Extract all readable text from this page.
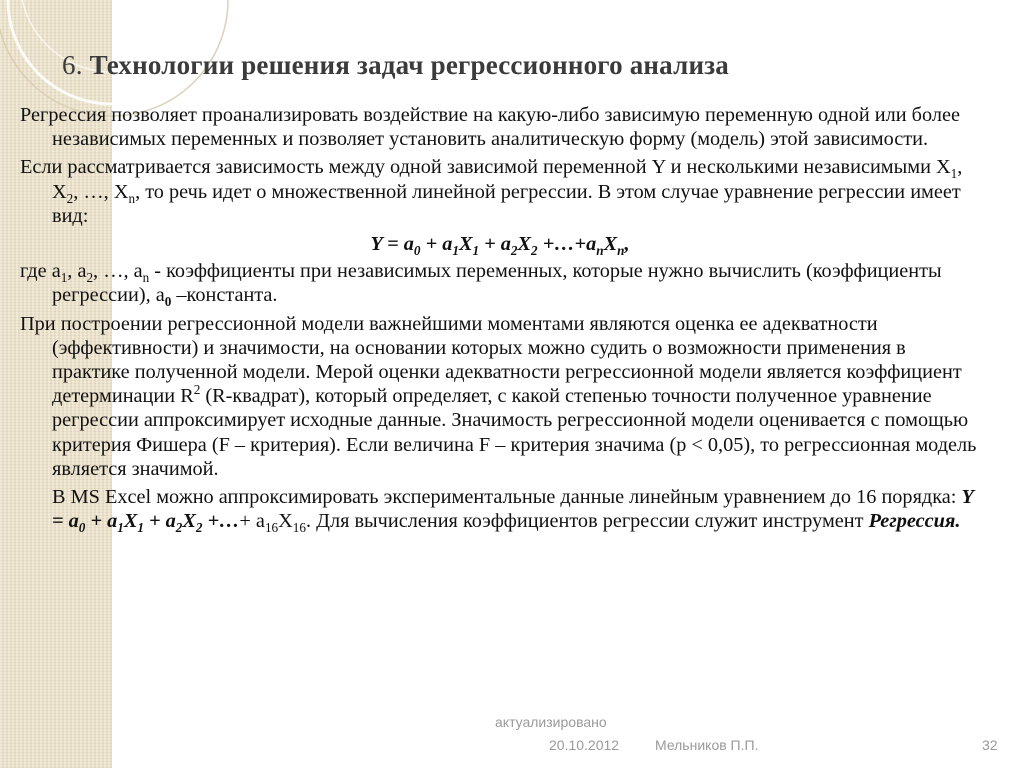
6. Технологии решения задач регрессионного анализа

Регрессия позволяет проанализировать воздействие на какую-либо зависимую переменную одной или более независимых переменных и позволяет установить аналитическую форму (модель) этой зависимости.

Если рассматривается зависимость между одной зависимой переменной Y и несколькими независимыми $X_1$, $X_2$, …, $X_n$, то речь идет о множественной линейной регрессии. В этом случае уравнение регрессии имеет вид:

$Y = a_0 + a_1X_1 + a_2X_2$ $+\dots+a_nX_n$,

где $a_1$, $a_2$, …, $a_n$ - коэффициенты при независимых переменных, которые нужно вычислить (коэффициенты регрессии), $a_0$ –константа.

При построении регрессионной модели важнейшими моментами являются оценка ее адекватности (эффективности) и значимости, на основании которых можно судить о возможности применения в практике полученной модели. Мерой оценки адекватности регрессионной модели является коэффициент детерминации $R^2$ (R-квадрат), который определяет, с какой степенью точности полученное уравнение регрессии аппроксимирует исходные данные. Значимость регрессионной модели оценивается с помощью критерия Фишера (F – критерия). Если величина F – критерия значима (p < 0,05), то регрессионная модель является значимой.

В MS Excel можно аппроксимировать экспериментальные данные линейным уравнением до 16 порядка: $Y = a_0 + a_1X_1 + a_2X_2$ +…+ $a_{16}X_{16}$. Для вычисления коэффициентов регрессии служит инструмент Регрессия.

актуализировано
20.10.2012	Мельников П.П.	32
